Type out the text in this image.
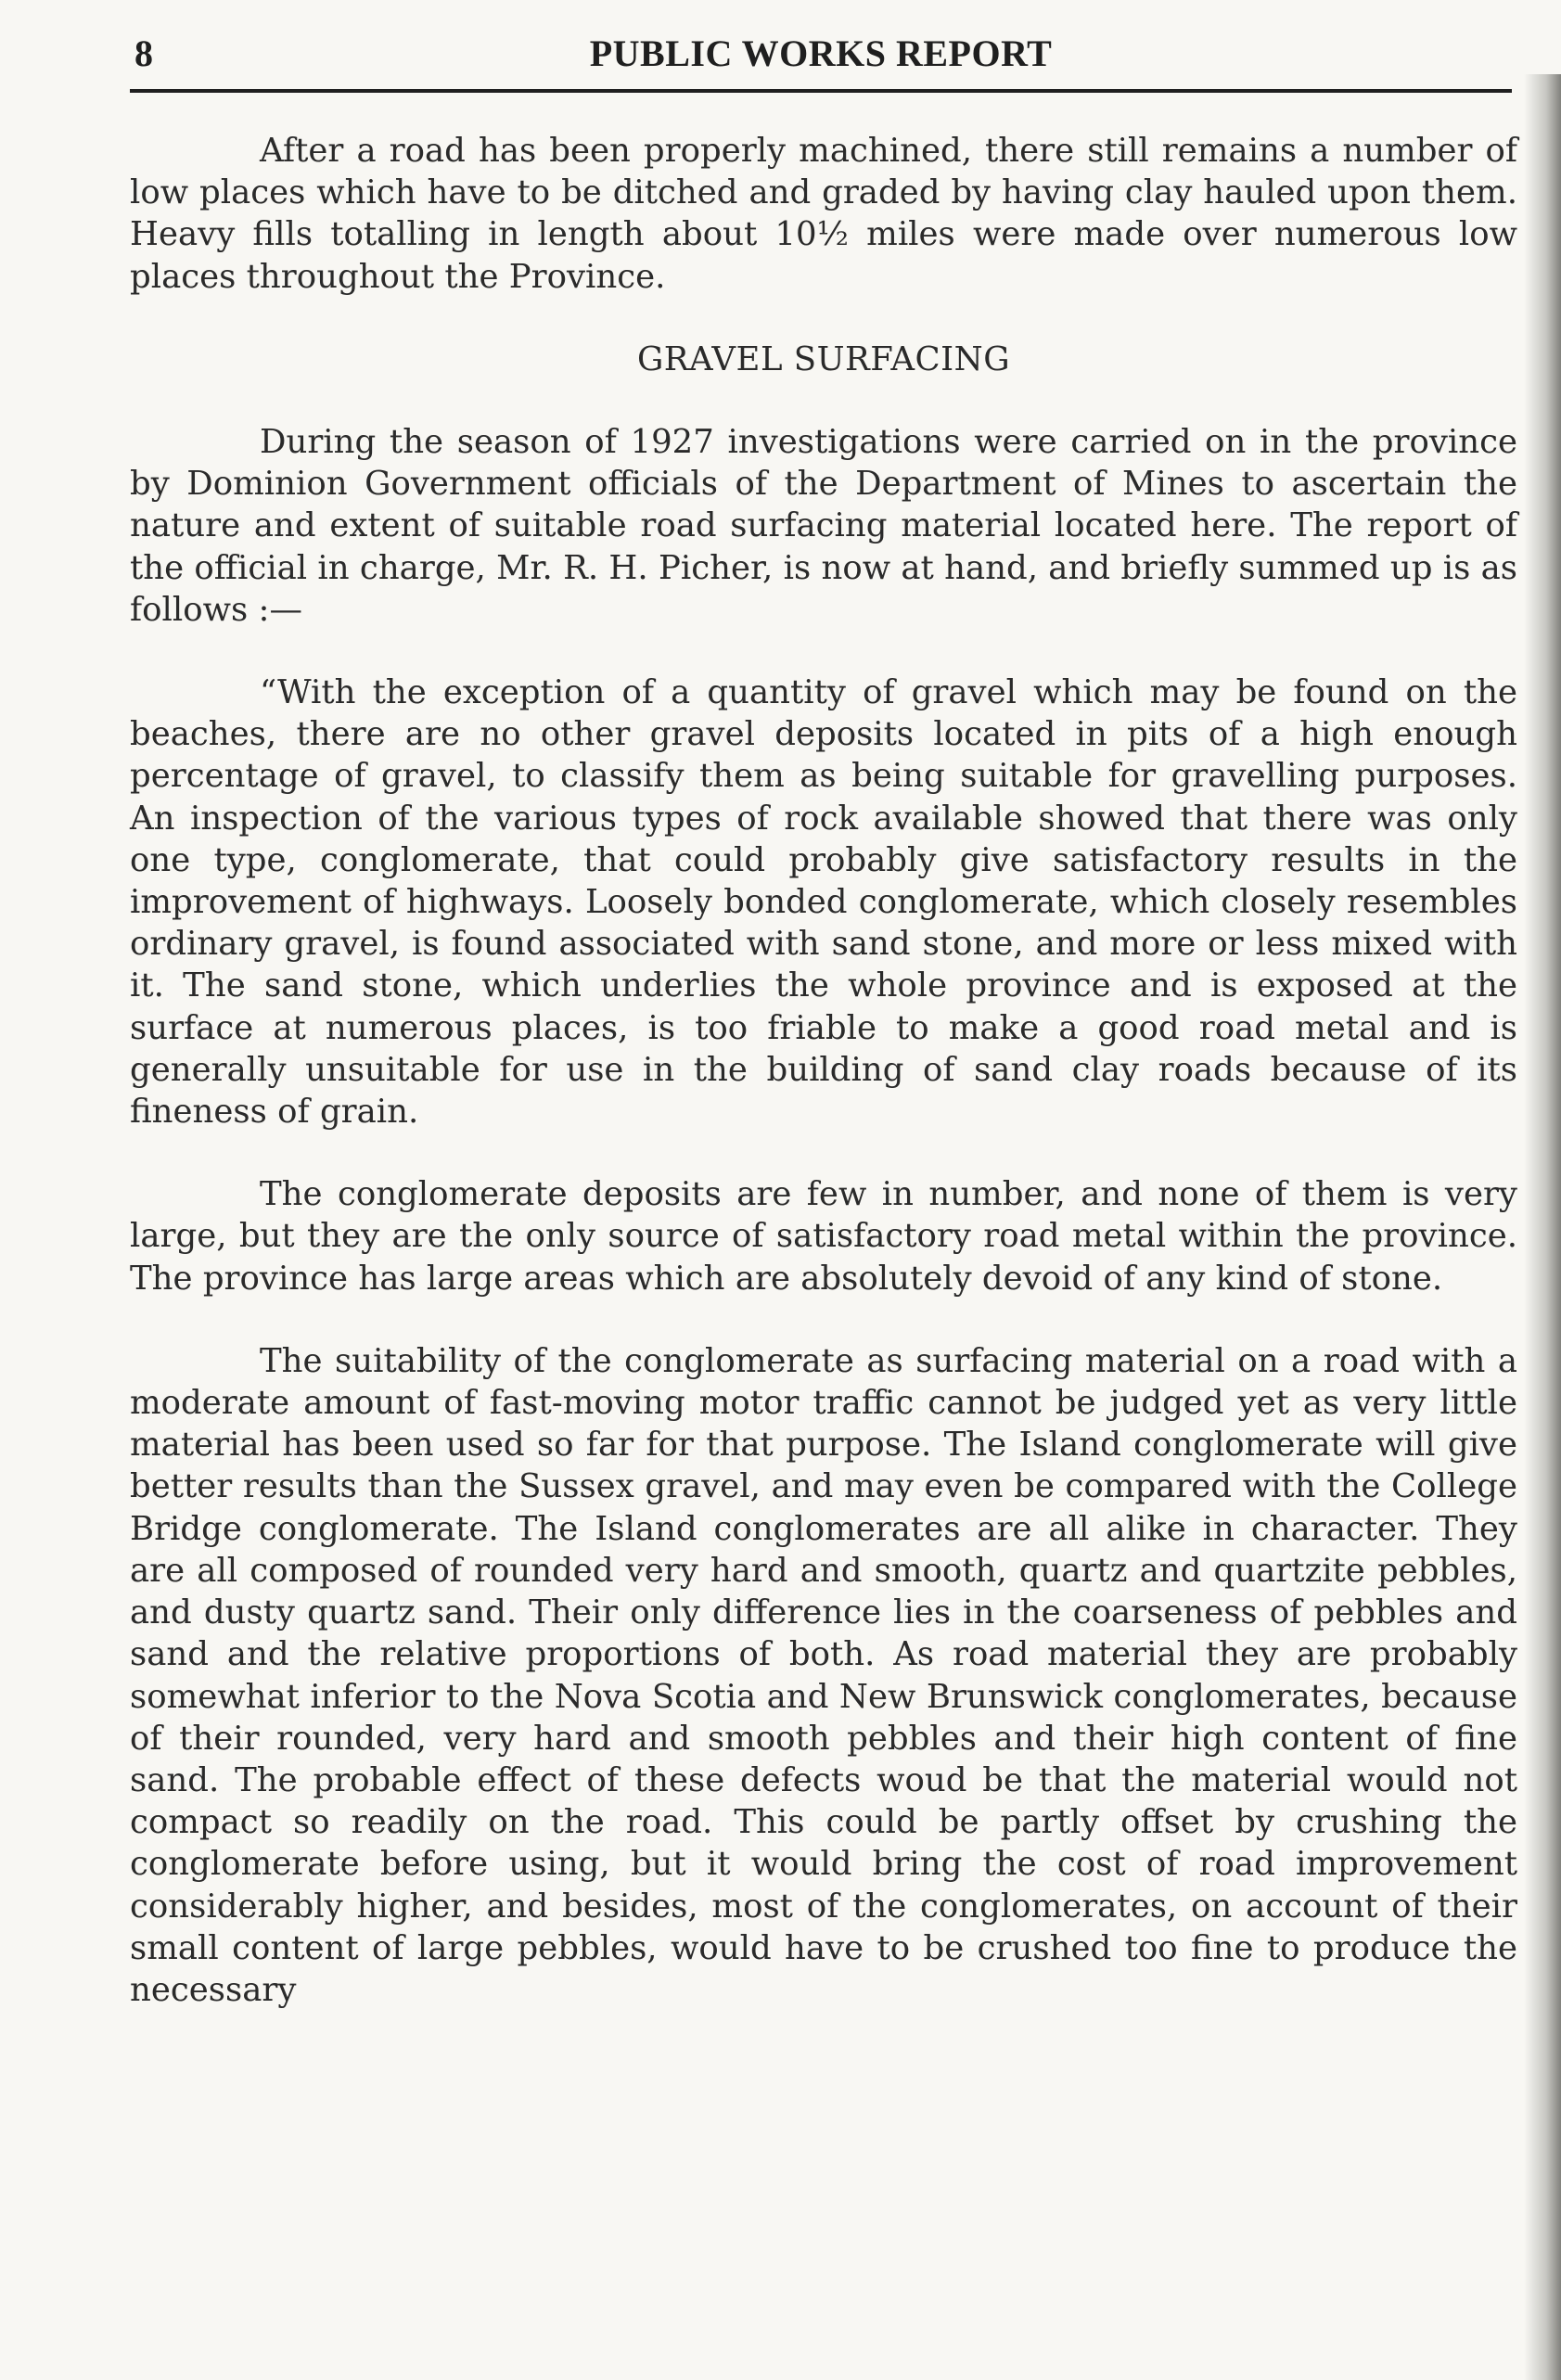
8	PUBLIC WORKS REPORT

After a road has been properly machined, there still remains a number of low places which have to be ditched and graded by having clay hauled upon them. Heavy fills totalling in length about 10½ miles were made over numerous low places throughout the Province.

GRAVEL SURFACING

During the season of 1927 investigations were carried on in the province by Dominion Government officials of the Department of Mines to ascertain the nature and extent of suitable road surfacing material located here. The report of the official in charge, Mr. R. H. Picher, is now at hand, and briefly summed up is as follows :—

“With the exception of a quantity of gravel which may be found on the beaches, there are no other gravel deposits located in pits of a high enough percentage of gravel, to classify them as being suitable for gravelling purposes. An inspection of the various types of rock available showed that there was only one type, conglomerate, that could probably give satisfactory results in the improvement of highways. Loosely bonded conglomerate, which closely resembles ordinary gravel, is found associated with sand stone, and more or less mixed with it. The sand stone, which underlies the whole province and is exposed at the surface at numerous places, is too friable to make a good road metal and is generally unsuitable for use in the building of sand clay roads because of its fineness of grain.

The conglomerate deposits are few in number, and none of them is very large, but they are the only source of satisfactory road metal within the province. The province has large areas which are absolutely devoid of any kind of stone.

The suitability of the conglomerate as surfacing material on a road with a moderate amount of fast-moving motor traffic cannot be judged yet as very little material has been used so far for that purpose. The Island conglomerate will give better results than the Sussex gravel, and may even be compared with the College Bridge conglomerate. The Island conglomerates are all alike in character. They are all composed of rounded very hard and smooth, quartz and quartzite pebbles, and dusty quartz sand. Their only difference lies in the coarseness of pebbles and sand and the relative proportions of both. As road material they are probably somewhat inferior to the Nova Scotia and New Brunswick conglomerates, because of their rounded, very hard and smooth pebbles and their high content of fine sand. The probable effect of these defects woud be that the material would not compact so readily on the road. This could be partly offset by crushing the conglomerate before using, but it would bring the cost of road improvement considerably higher, and besides, most of the conglomerates, on account of their small content of large pebbles, would have to be crushed too fine to produce the necessary
